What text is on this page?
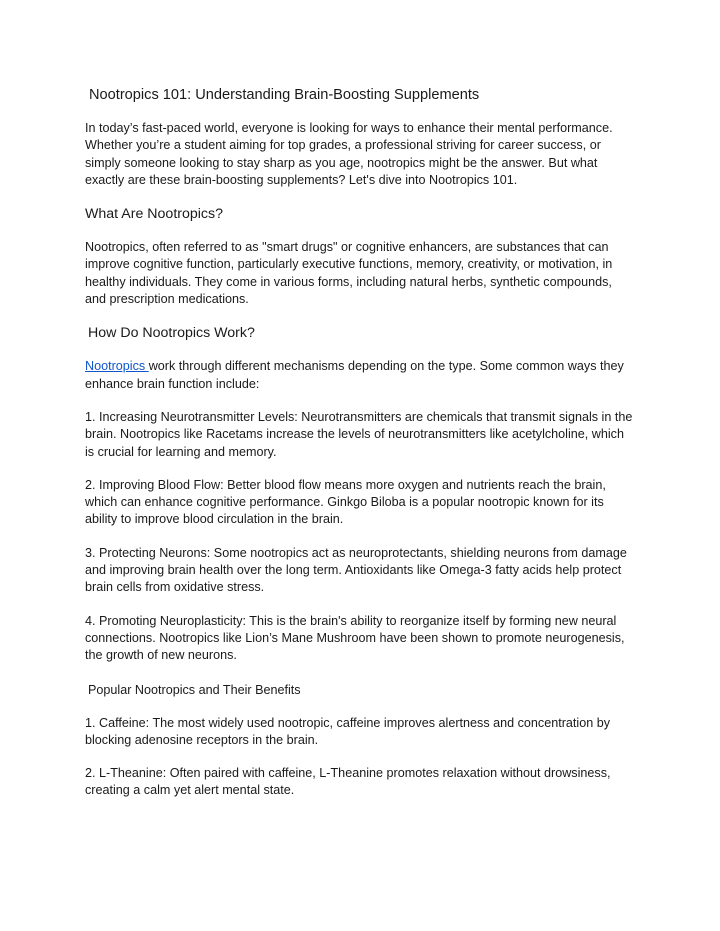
Nootropics 101: Understanding Brain-Boosting Supplements

In today’s fast-paced world, everyone is looking for ways to enhance their mental performance. Whether you’re a student aiming for top grades, a professional striving for career success, or simply someone looking to stay sharp as you age, nootropics might be the answer. But what exactly are these brain-boosting supplements? Let's dive into Nootropics 101.

What Are Nootropics?

Nootropics, often referred to as "smart drugs" or cognitive enhancers, are substances that can improve cognitive function, particularly executive functions, memory, creativity, or motivation, in healthy individuals. They come in various forms, including natural herbs, synthetic compounds, and prescription medications.

How Do Nootropics Work?

Nootropics work through different mechanisms depending on the type. Some common ways they enhance brain function include:

1. Increasing Neurotransmitter Levels: Neurotransmitters are chemicals that transmit signals in the brain. Nootropics like Racetams increase the levels of neurotransmitters like acetylcholine, which is crucial for learning and memory.

2. Improving Blood Flow: Better blood flow means more oxygen and nutrients reach the brain, which can enhance cognitive performance. Ginkgo Biloba is a popular nootropic known for its ability to improve blood circulation in the brain.

3. Protecting Neurons: Some nootropics act as neuroprotectants, shielding neurons from damage and improving brain health over the long term. Antioxidants like Omega-3 fatty acids help protect brain cells from oxidative stress.

4. Promoting Neuroplasticity: This is the brain's ability to reorganize itself by forming new neural connections. Nootropics like Lion’s Mane Mushroom have been shown to promote neurogenesis, the growth of new neurons.

Popular Nootropics and Their Benefits

1. Caffeine: The most widely used nootropic, caffeine improves alertness and concentration by blocking adenosine receptors in the brain.

2. L-Theanine: Often paired with caffeine, L-Theanine promotes relaxation without drowsiness, creating a calm yet alert mental state.
